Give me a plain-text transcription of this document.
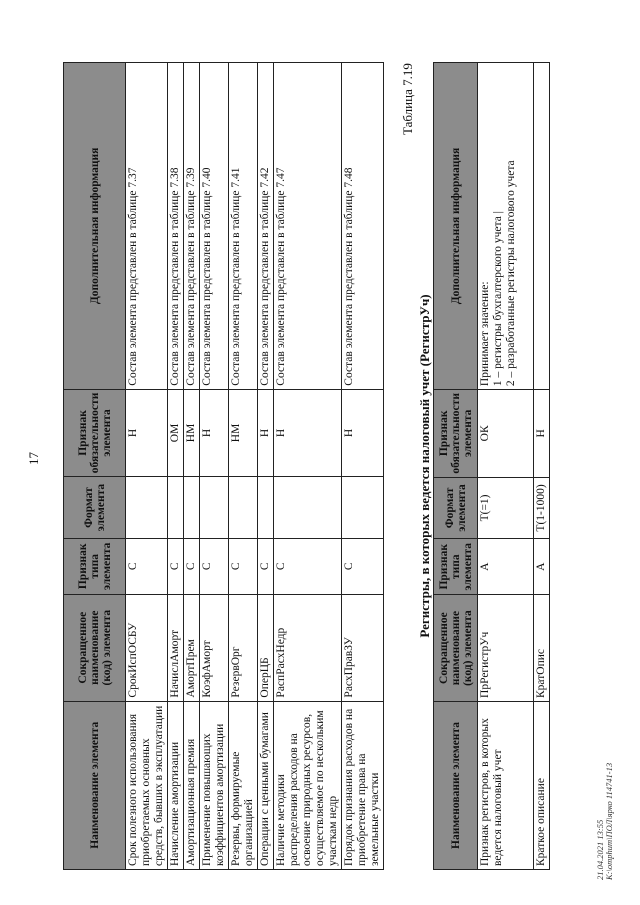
17
Наименование элемента	Сокращенное наименование (код) элемента	Признак типа элемента	Формат элемента	Признак обязательности элемента	Дополнительная информация
Срок полезного использования приобретаемых основных средств, бывших в эксплуатации	СрокИспОСБУ	С		Н	Состав элемента представлен в таблице 7.37
Начисление амортизации	НачислАморт	С		ОМ	Состав элемента представлен в таблице 7.38
Амортизационная премия	АмортПрем	С		НМ	Состав элемента представлен в таблице 7.39
Применение повышающих коэффициентов амортизации	КоэфАморт	С		Н	Состав элемента представлен в таблице 7.40
Резервы, формируемые организацией	РезервОрг	С		НМ	Состав элемента представлен в таблице 7.41
Операции с ценными бумагами	ОперЦБ	С		Н	Состав элемента представлен в таблице 7.42
Наличие методики распределения расходов на освоение природных ресурсов, осуществляемое по нескольким участкам недр	РаспРасхНедр	С		Н	Состав элемента представлен в таблице 7.47
Порядок признания расходов на приобретение права на земельные участки	РасхПравЗУ	С		Н	Состав элемента представлен в таблице 7.48
Таблица 7.19
Регистры, в которых ведется налоговый учет (РегистрУч)
Наименование элемента	Сокращенное наименование (код) элемента	Признак типа элемента	Формат элемента	Признак обязательности элемента	Дополнительная информация
Признак регистров, в которых ведется налоговый учет	ПрРегистрУч	А	Т(=1)	ОК	Принимает значение:
1 – регистры бухгалтерского учета |
2 – разработанные регистры налогового учета
Краткое описание	КратОпис	А	Т(1-1000)	Н	
21.04.2021 13:55 К:\omphum\ПОЛ\ярко 114741-13
